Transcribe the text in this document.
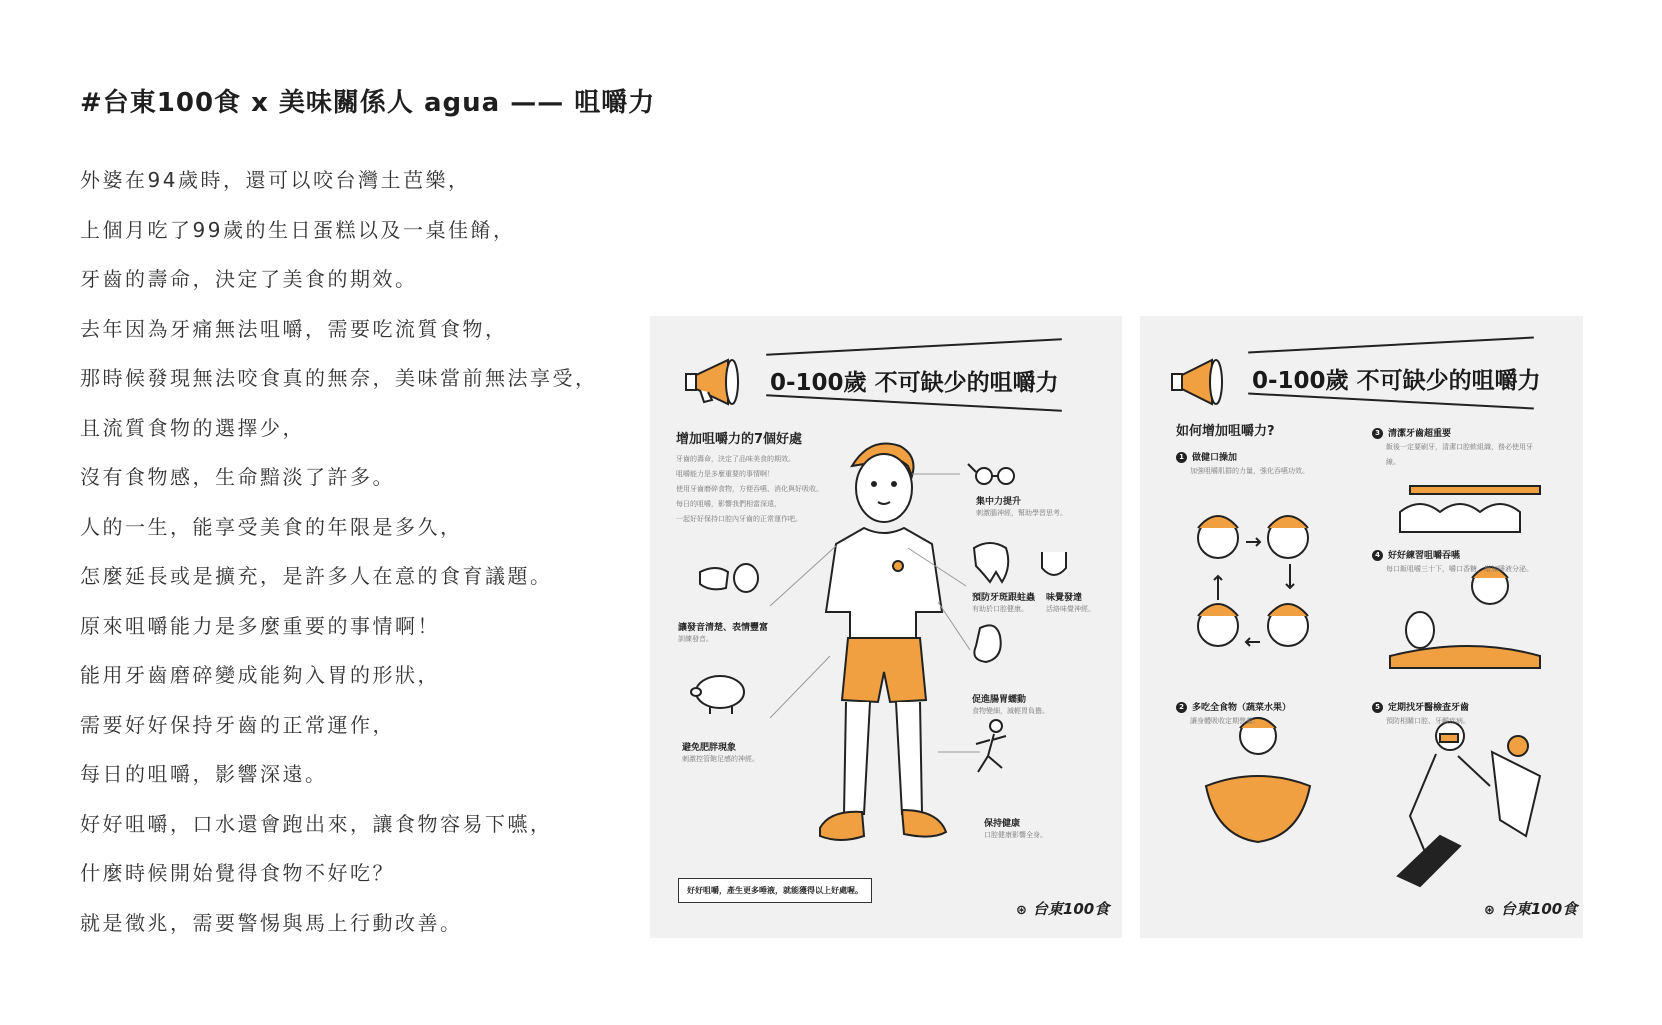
#台東100食 x 美味關係人 agua —— 咀嚼力
外婆在94歲時，還可以咬台灣土芭樂，
上個月吃了99歲的生日蛋糕以及一桌佳餚，
牙齒的壽命，決定了美食的期效。
去年因為牙痛無法咀嚼，需要吃流質食物，
那時候發現無法咬食真的無奈，美味當前無法享受，
且流質食物的選擇少，
沒有食物感，生命黯淡了許多。
人的一生，能享受美食的年限是多久，
怎麼延長或是擴充，是許多人在意的食育議題。
原來咀嚼能力是多麼重要的事情啊！
能用牙齒磨碎變成能夠入胃的形狀，
需要好好保持牙齒的正常運作，
每日的咀嚼，影響深遠。
好好咀嚼，口水還會跑出來，讓食物容易下嚥，
什麼時候開始覺得食物不好吃？
就是徵兆，需要警惕與馬上行動改善。
0-100歲 不可缺少的咀嚼力
增加咀嚼力的7個好處
牙齒的壽命，決定了品味美食的期效。
咀嚼能力是多麼重要的事情啊！
使用牙齒磨碎食物，方便吞嚥、消化與好吸收。
每日的咀嚼，影響我們相當深遠，
一起好好保持口腔內牙齒的正常運作吧。
集中力提升
刺激腦神經，幫助學習思考。
預防牙斑跟蛀蟲
有助於口腔健康。
味覺發達
活絡味覺神經。
讓發音清楚、表情豐富
訓練發音。
促進腸胃蠕動
食物變細，減輕胃負擔。
避免肥胖現象
刺激控管飽足感的神經。
保持健康
口腔健康影響全身。
好好咀嚼，產生更多唾液，就能獲得以上好處喔。
⊛ 台東100食
0-100歲 不可缺少的咀嚼力
如何增加咀嚼力?
1 做健口操加
加強咀嚼肌群的力量，強化吞嚥功效。
2 多吃全食物（蔬菜水果）
讓身體吸收定期營養。
3 清潔牙齒超重要
飯後一定要刷牙，清潔口腔軟組織，務必使用牙線。
4 好好練習咀嚼吞嚥
每口飯咀嚼三十下，嚼口香糖，增加唾液分泌。
5 定期找牙醫檢查牙齒
預防相關口腔、牙齦疾病。
⊛ 台東100食
